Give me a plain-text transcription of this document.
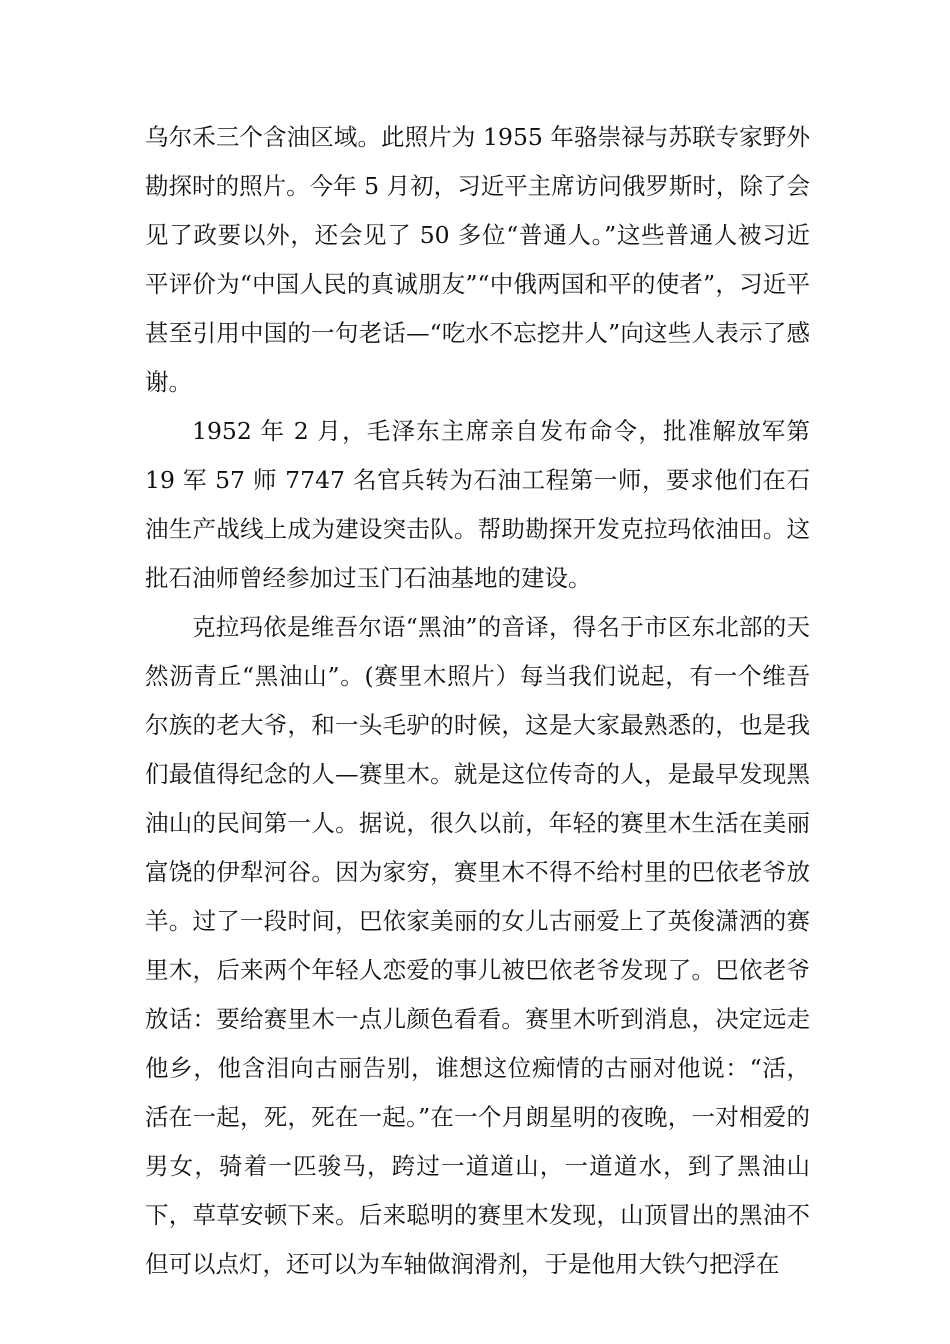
乌尔禾三个含油区域。此照片为 1955 年骆崇禄与苏联专家野外勘探时的照片。今年 5 月初，习近平主席访问俄罗斯时，除了会见了政要以外，还会见了 50 多位“普通人。”这些普通人被习近平评价为“中国人民的真诚朋友”“中俄两国和平的使者”，习近平甚至引用中国的一句老话—“吃水不忘挖井人”向这些人表示了感谢。

1952 年 2 月，毛泽东主席亲自发布命令，批准解放军第 19 军 57 师 7747 名官兵转为石油工程第一师，要求他们在石油生产战线上成为建设突击队。帮助勘探开发克拉玛依油田。这批石油师曾经参加过玉门石油基地的建设。

克拉玛依是维吾尔语“黑油”的音译，得名于市区东北部的天然沥青丘“黑油山”。(赛里木照片）每当我们说起，有一个维吾尔族的老大爷，和一头毛驴的时候，这是大家最熟悉的，也是我们最值得纪念的人—赛里木。就是这位传奇的人，是最早发现黑油山的民间第一人。据说，很久以前，年轻的赛里木生活在美丽富饶的伊犁河谷。因为家穷，赛里木不得不给村里的巴依老爷放羊。过了一段时间，巴依家美丽的女儿古丽爱上了英俊潇洒的赛里木，后来两个年轻人恋爱的事儿被巴依老爷发现了。巴依老爷放话：要给赛里木一点儿颜色看看。赛里木听到消息，决定远走他乡，他含泪向古丽告别，谁想这位痴情的古丽对他说：“活，活在一起，死，死在一起。”在一个月朗星明的夜晚，一对相爱的男女，骑着一匹骏马，跨过一道道山，一道道水，到了黑油山下，草草安顿下来。后来聪明的赛里木发现，山顶冒出的黑油不但可以点灯，还可以为车轴做润滑剂，于是他用大铁勺把浮在
